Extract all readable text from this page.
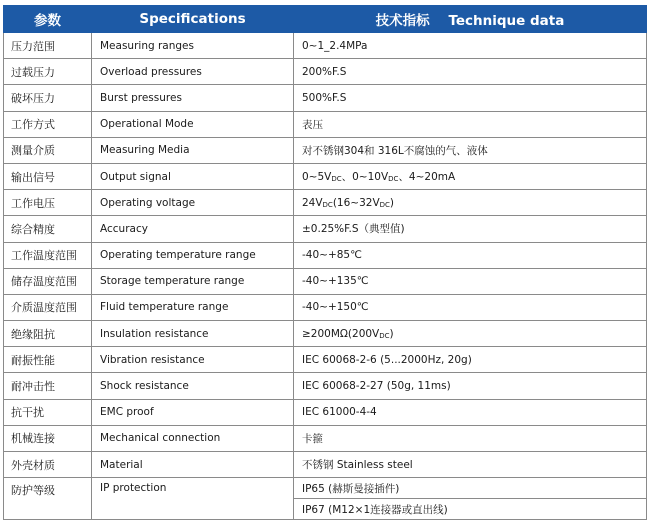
参数	Specifications	技术指标    Technique data
压力范围	Measuring ranges	0~1_2.4MPa
过载压力	Overload pressures	200%F.S
破坏压力	Burst pressures	500%F.S
工作方式	Operational Mode	表压
测量介质	Measuring Media	对不锈钢304和 316L不腐蚀的气、液体
输出信号	Output signal	$0\sim 5V_{DC}$、$0\sim 10V_{DC}$、4~20mA
工作电压	Operating voltage	$24V_{DC}(16\sim 32V_{DC})$
综合精度	Accuracy	±0.25%F.S（典型值)
工作温度范围	Operating temperature range	-40~+85℃
储存温度范围	Storage temperature range	-40~+135℃
介质温度范围	Fluid temperature range	-40~+150℃
绝缘阻抗	Insulation resistance	$\ge 200M\Omega(200V_{DC})$
耐振性能	Vibration resistance	IEC 60068-2-6 (5...2000Hz, 20g)
耐冲击性	Shock resistance	IEC 60068-2-27 (50g, 11ms)
抗干扰	EMC proof	IEC 61000-4-4
机械连接	Mechanical connection	卡箍
外壳材质	Material	不锈钢 Stainless steel
防护等级	IP protection	IP65 (赫斯曼接插件)
		IP67 (M12×1连接器或直出线)
